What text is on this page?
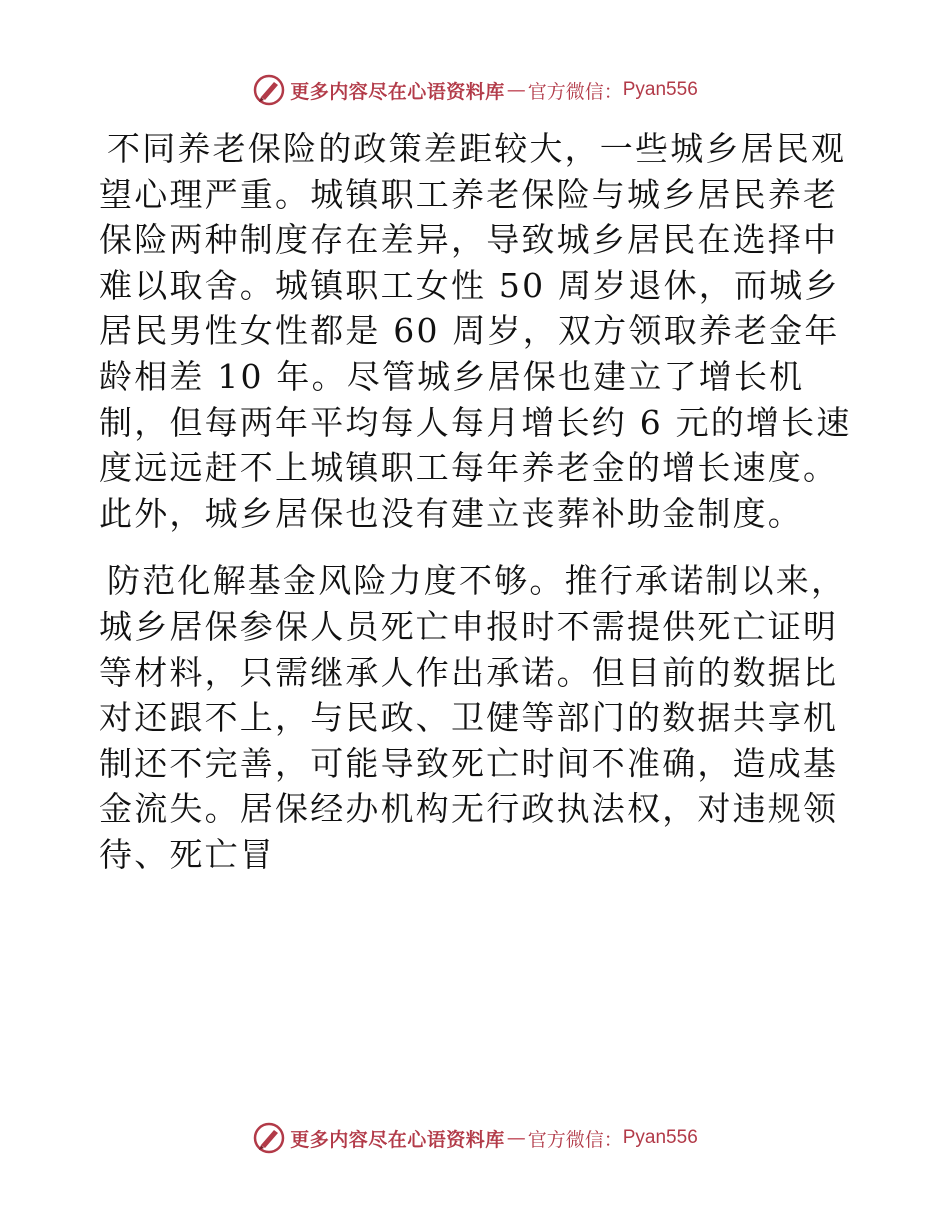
更多内容尽在心语资料库 — 官方微信： Pyan556

不同养老保险的政策差距较大，一些城乡居民观望心理严重。城镇职工养老保险与城乡居民养老保险两种制度存在差异，导致城乡居民在选择中难以取舍。城镇职工女性 50 周岁退休，而城乡居民男性女性都是 60 周岁，双方领取养老金年龄相差 10 年。尽管城乡居保也建立了增长机制，但每两年平均每人每月增长约 6 元的增长速度远远赶不上城镇职工每年养老金的增长速度。此外，城乡居保也没有建立丧葬补助金制度。

防范化解基金风险力度不够。推行承诺制以来，城乡居保参保人员死亡申报时不需提供死亡证明等材料，只需继承人作出承诺。但目前的数据比对还跟不上，与民政、卫健等部门的数据共享机制还不完善，可能导致死亡时间不准确，造成基金流失。居保经办机构无行政执法权，对违规领待、死亡冒

更多内容尽在心语资料库 — 官方微信： Pyan556
